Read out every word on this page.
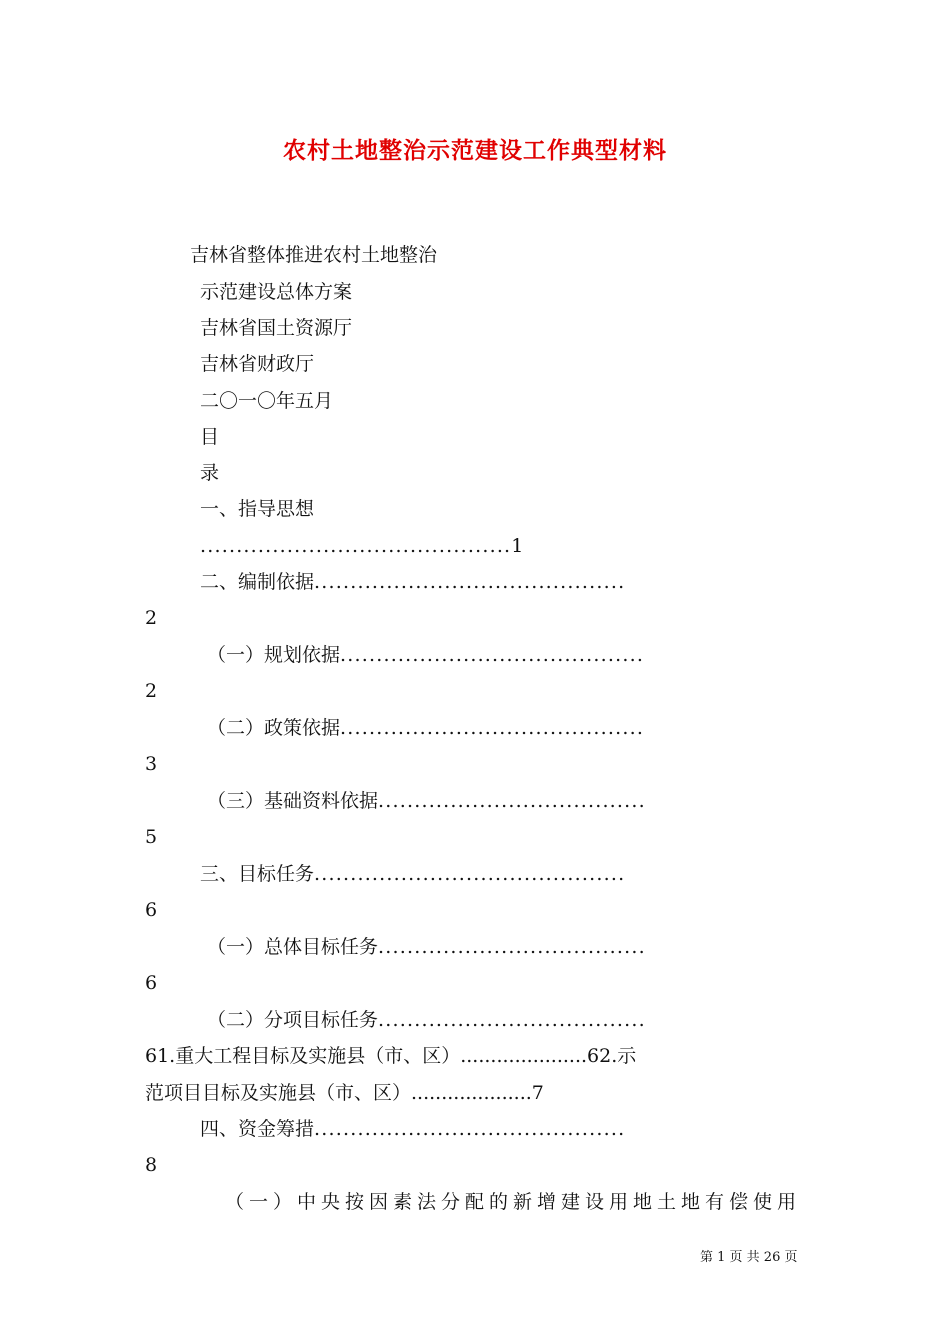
农村土地整治示范建设工作典型材料
吉林省整体推进农村土地整治
示范建设总体方案
吉林省国土资源厅
吉林省财政厅
二〇一〇年五月
目
录
一、指导思想
...........................................1
二、编制依据...........................................
2
（一）规划依据..........................................
2
（二）政策依据..........................................
3
（三）基础资料依据.....................................
5
三、目标任务...........................................
6
（一）总体目标任务.....................................
6
（二）分项目标任务.....................................
61.重大工程目标及实施县（市、区）.....................62.示
范项目目标及实施县（市、区）....................7
四、资金筹措...........................................
8
（一）中央按因素法分配的新增建设用地土地有偿使用
第 1 页 共 26 页
